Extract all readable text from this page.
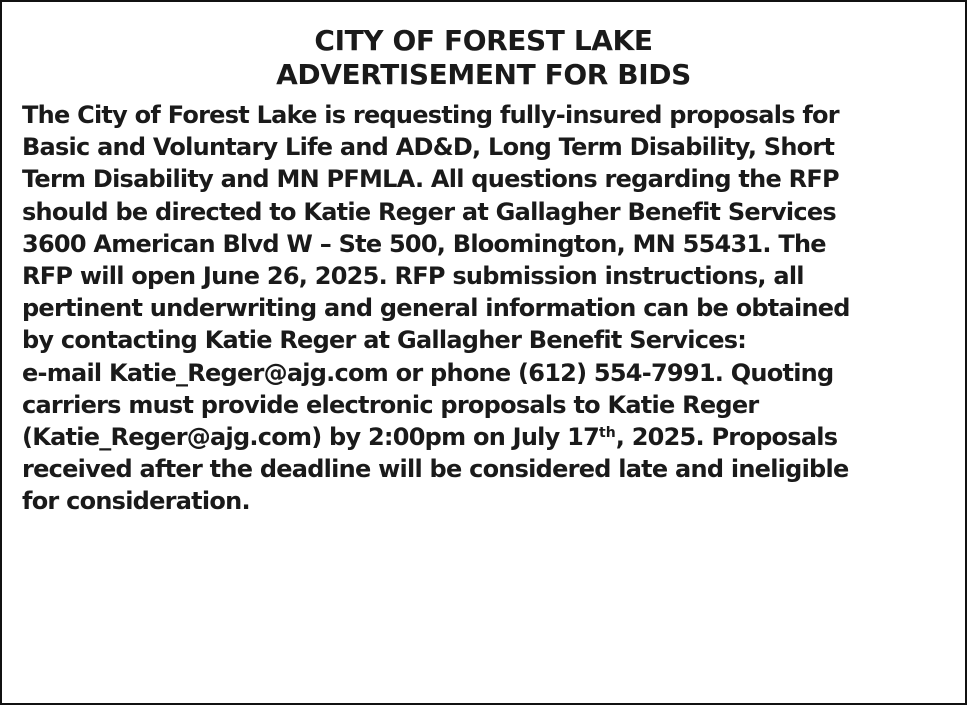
CITY OF FOREST LAKE
ADVERTISEMENT FOR BIDS
The City of Forest Lake is requesting fully-insured proposals for
Basic and Voluntary Life and AD&D, Long Term Disability, Short
Term Disability and MN PFMLA. All questions regarding the RFP
should be directed to Katie Reger at Gallagher Benefit Services
3600 American Blvd W – Ste 500, Bloomington, MN 55431. The
RFP will open June 26, 2025. RFP submission instructions, all
pertinent underwriting and general information can be obtained
by contacting Katie Reger at Gallagher Benefit Services:
e-mail Katie_Reger@ajg.com or phone (612) 554-7991. Quoting
carriers must provide electronic proposals to Katie Reger
(Katie_Reger@ajg.com) by 2:00pm on July 17th, 2025. Proposals
received after the deadline will be considered late and ineligible
for consideration.
